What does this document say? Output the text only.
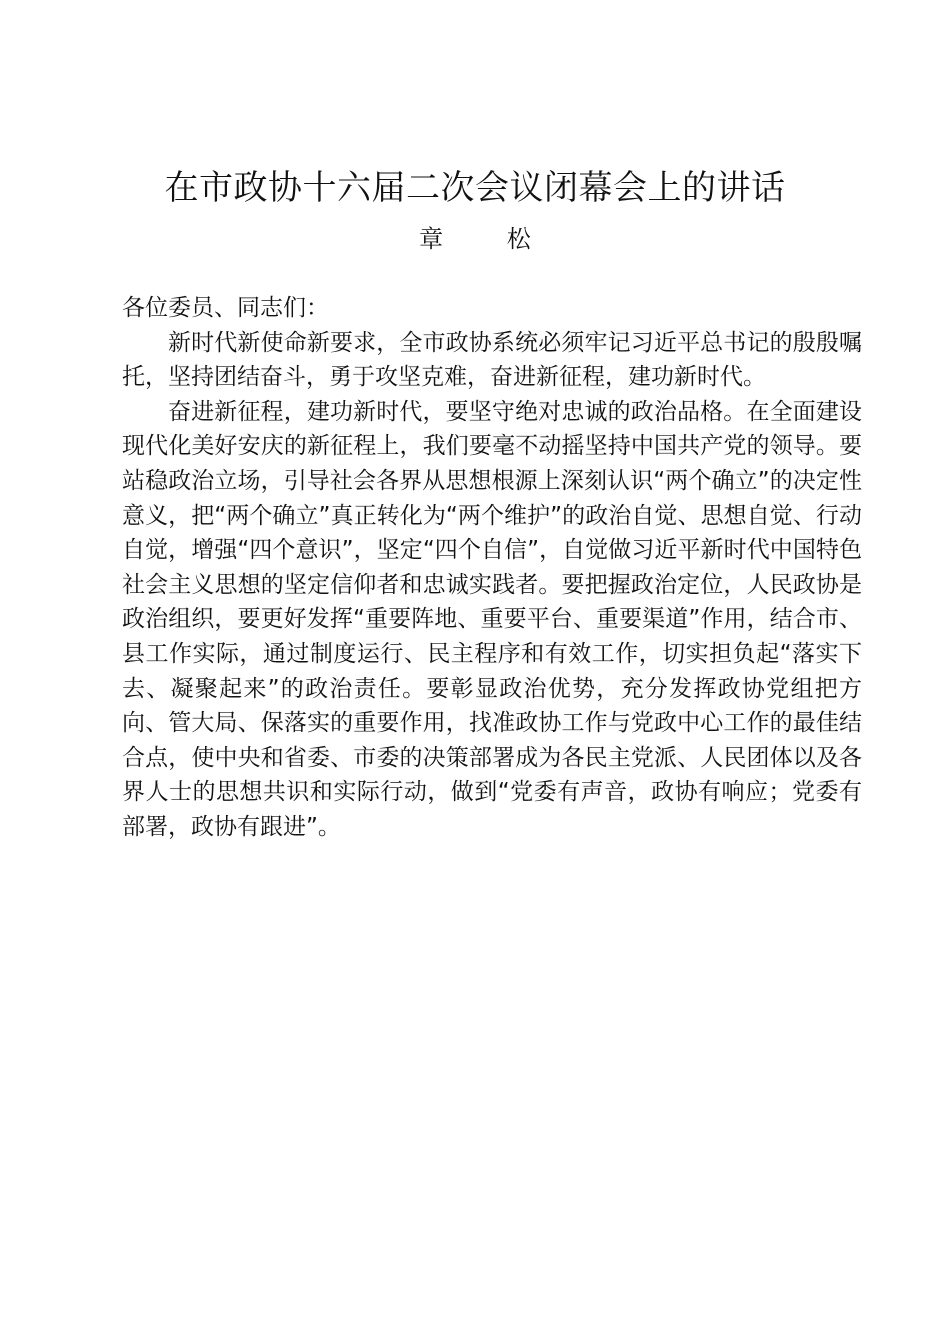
在市政协十六届二次会议闭幕会上的讲话
章 松

各位委员、同志们：

新时代新使命新要求，全市政协系统必须牢记习近平总书记的殷殷嘱托，坚持团结奋斗，勇于攻坚克难，奋进新征程，建功新时代。

奋进新征程，建功新时代，要坚守绝对忠诚的政治品格。在全面建设现代化美好安庆的新征程上，我们要毫不动摇坚持中国共产党的领导。要站稳政治立场，引导社会各界从思想根源上深刻认识“两个确立”的决定性意义，把“两个确立”真正转化为“两个维护”的政治自觉、思想自觉、行动自觉，增强“四个意识”，坚定“四个自信”，自觉做习近平新时代中国特色社会主义思想的坚定信仰者和忠诚实践者。要把握政治定位，人民政协是政治组织，要更好发挥“重要阵地、重要平台、重要渠道”作用，结合市、县工作实际，通过制度运行、民主程序和有效工作，切实担负起“落实下去、凝聚起来”的政治责任。要彰显政治优势，充分发挥政协党组把方向、管大局、保落实的重要作用，找准政协工作与党政中心工作的最佳结合点，使中央和省委、市委的决策部署成为各民主党派、人民团体以及各界人士的思想共识和实际行动，做到“党委有声音，政协有响应；党委有部署，政协有跟进”。
